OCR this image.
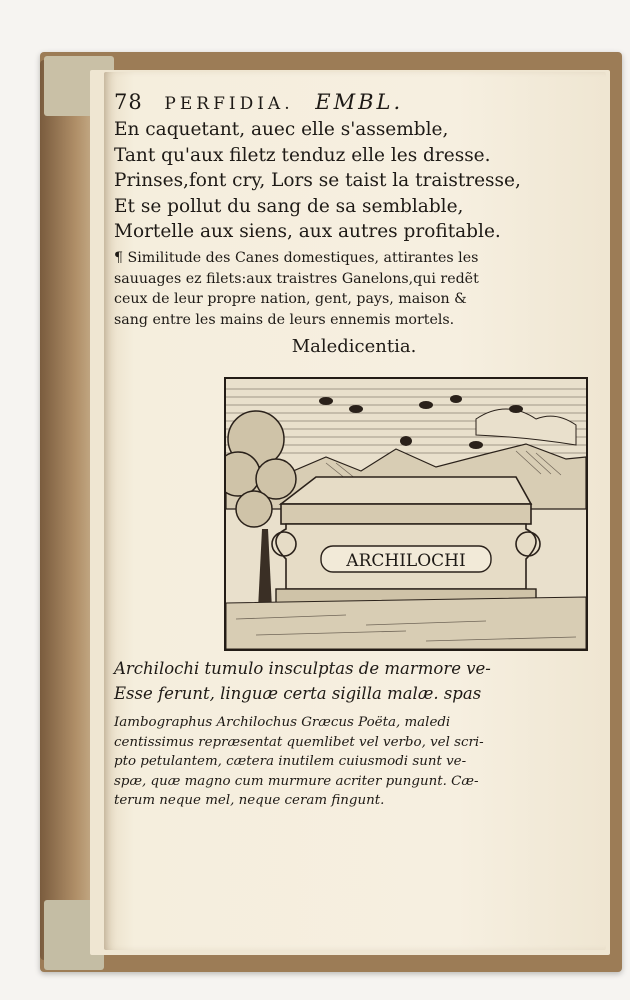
78 PERFIDIA. EMBL.
En caquetant, auec elle s'assemble,
Tant qu'aux filetz tenduz elle les dresse.
Prinses,font cry, Lors se taist la traistresse,
Et se pollut du sang de sa semblable,
Mortelle aux siens, aux autres profitable.
¶ Similitude des Canes domestiques, attirantes les
sauuages ez filets:aux traistres Ganelons,qui redẽt
ceux de leur propre nation, gent, pays, maison &
sang entre les mains de leurs ennemis mortels.
Maledicentia.
ARCHILOCHI
Archilochi tumulo insculptas de marmore ve-
Esse ferunt, linguæ certa sigilla malæ. spas
Iambographus Archilochus Græcus Poëta, maledi
centissimus repræsentat quemlibet vel verbo, vel scri-
pto petulantem, cætera inutilem cuiusmodi sunt ve-
spæ, quæ magno cum murmure acriter pungunt. Cæ-
terum neque mel, neque ceram fingunt.
